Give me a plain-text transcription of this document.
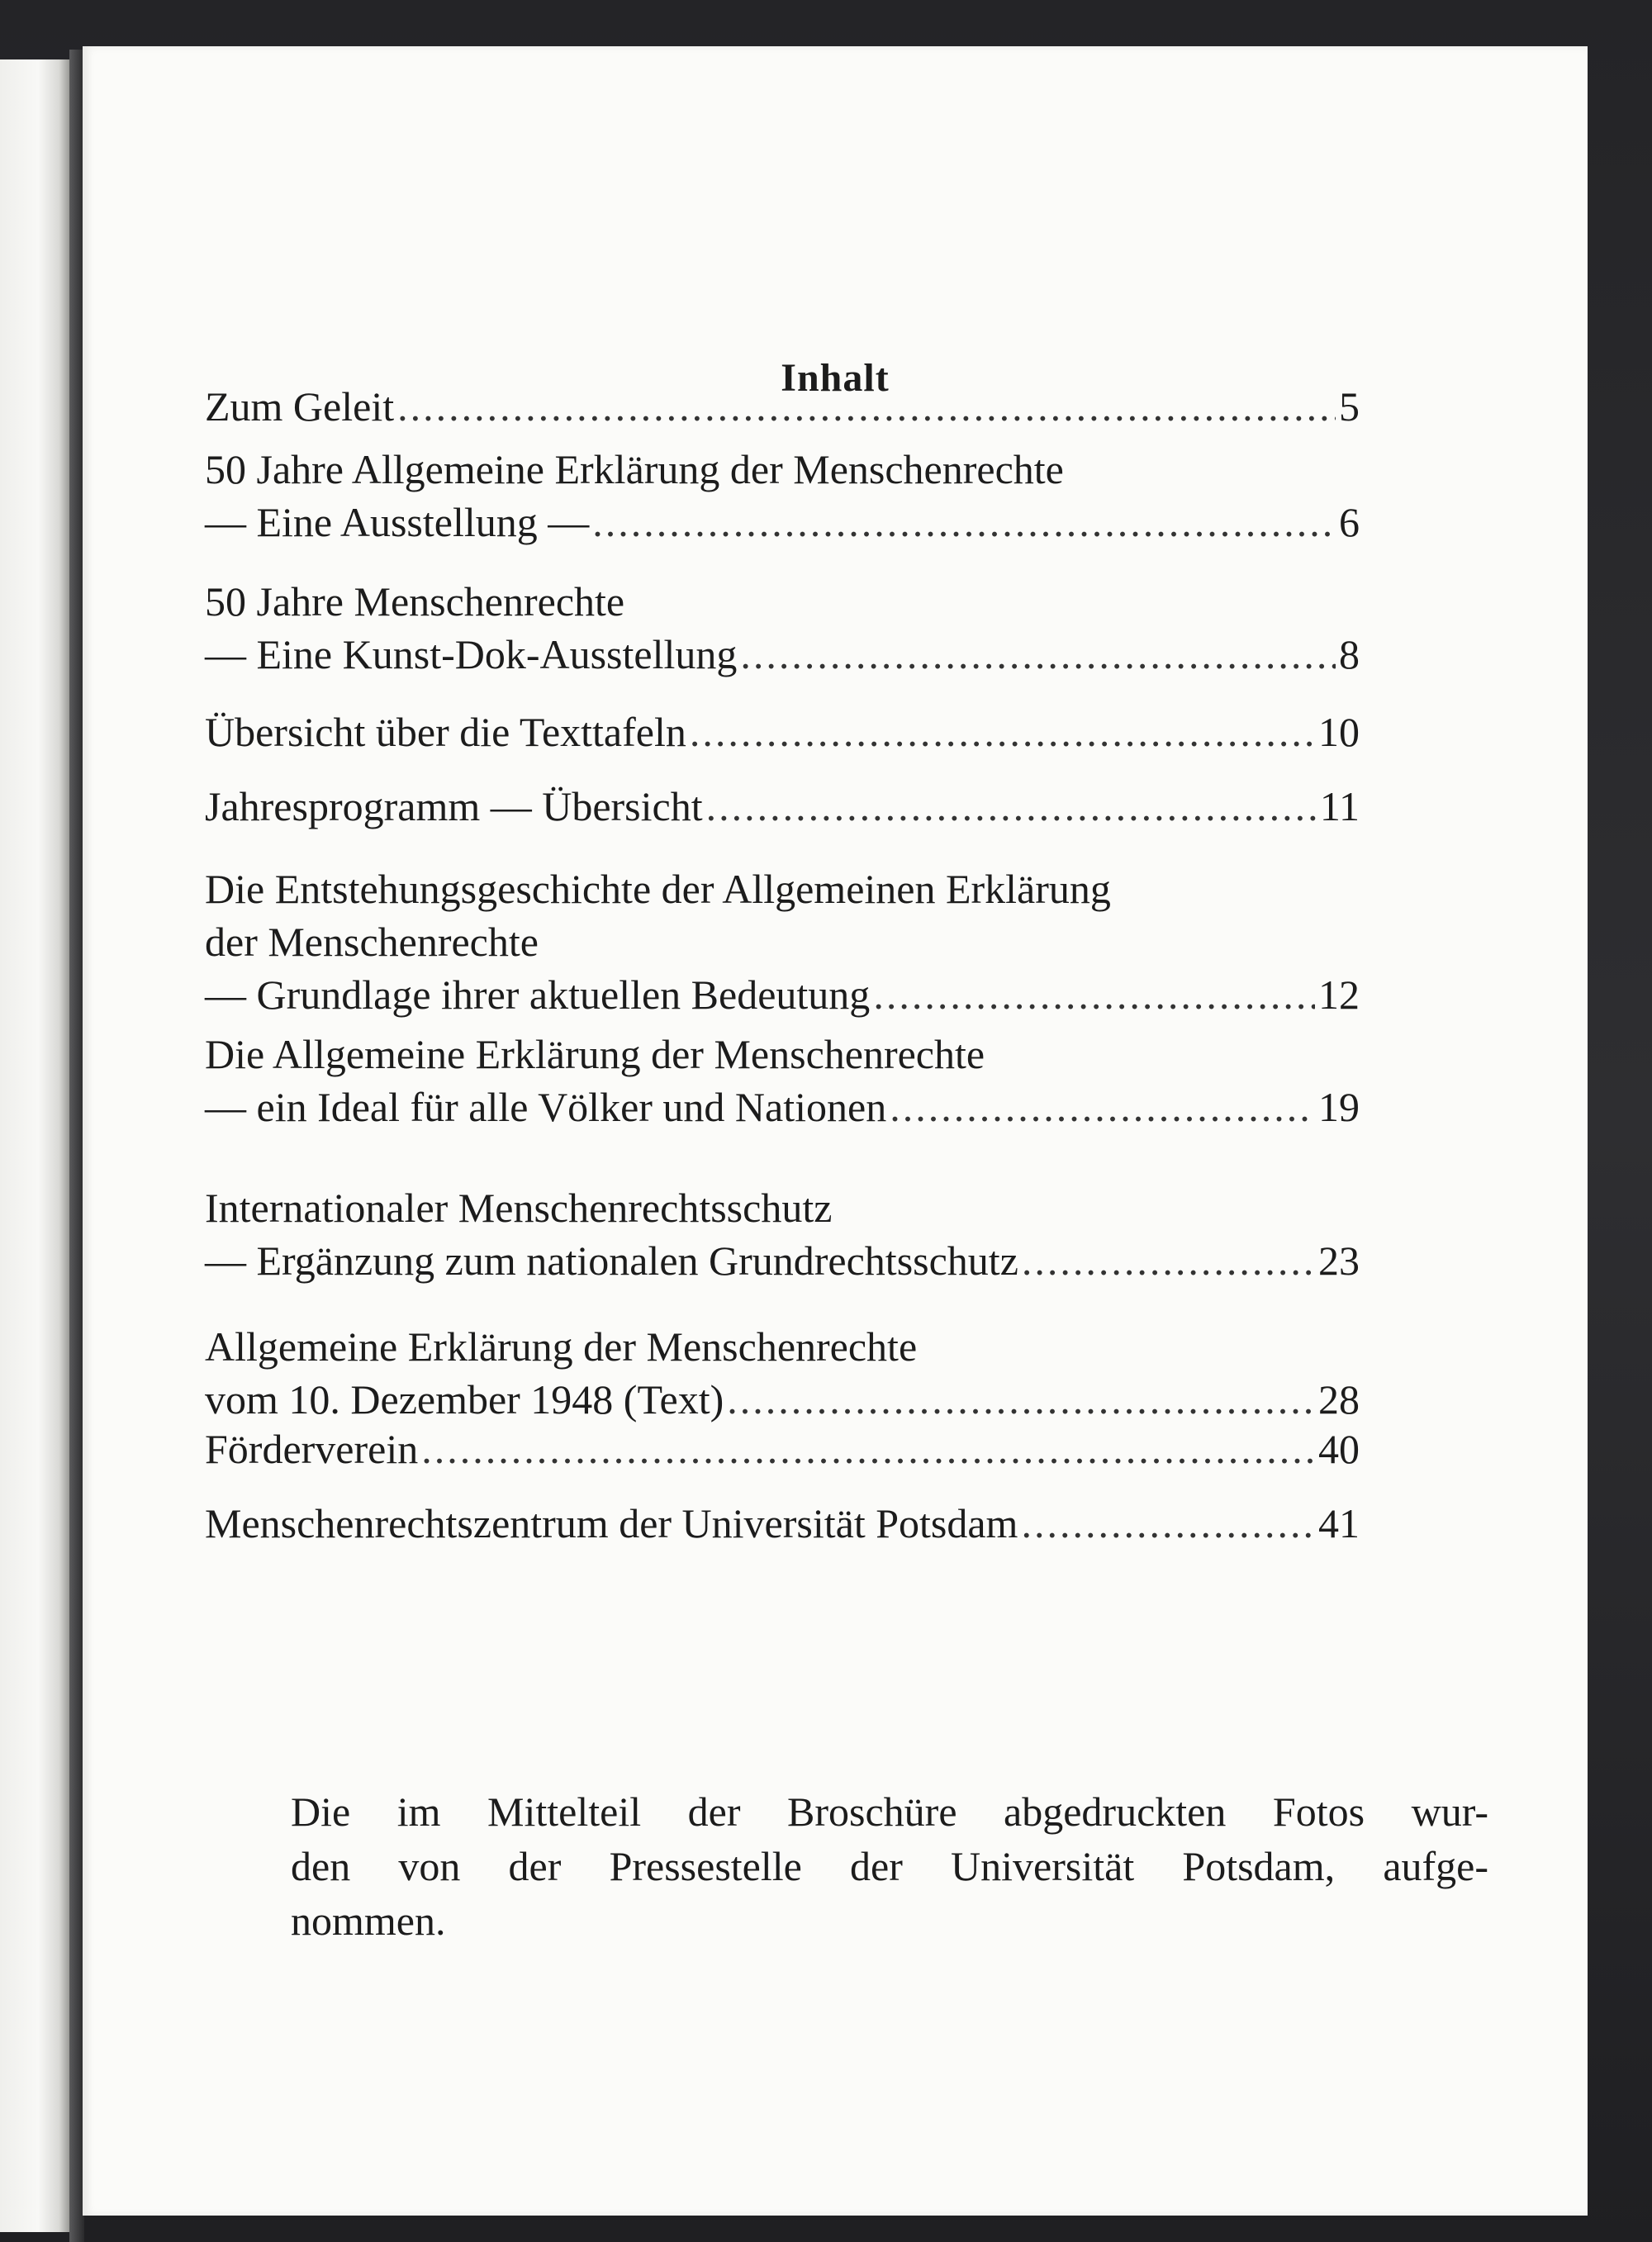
Inhalt
Die im Mittelteil der Broschüre abgedruckten Fotos wur-
den von der Pressestelle der Universität Potsdam, aufge-
nommen.
Zum Geleit .....	5
50 Jahre Allgemeine Erklärung der Menschenrechte
— Eine Ausstellung — .....	6
50 Jahre Menschenrechte
— Eine Kunst-Dok-Ausstellung .....	8
Übersicht über die Texttafeln .....	10
Jahresprogramm — Übersicht .....	11
Die Entstehungsgeschichte der Allgemeinen Erklärung
der Menschenrechte
— Grundlage ihrer aktuellen Bedeutung .....	12
Die Allgemeine Erklärung der Menschenrechte
— ein Ideal für alle Völker und Nationen .....	19
Internationaler Menschenrechtsschutz
— Ergänzung zum nationalen Grundrechtsschutz .....	23
Allgemeine Erklärung der Menschenrechte
vom 10. Dezember 1948 (Text) .....	28
Förderverein .....	40
Menschenrechtszentrum der Universität Potsdam .....	41
